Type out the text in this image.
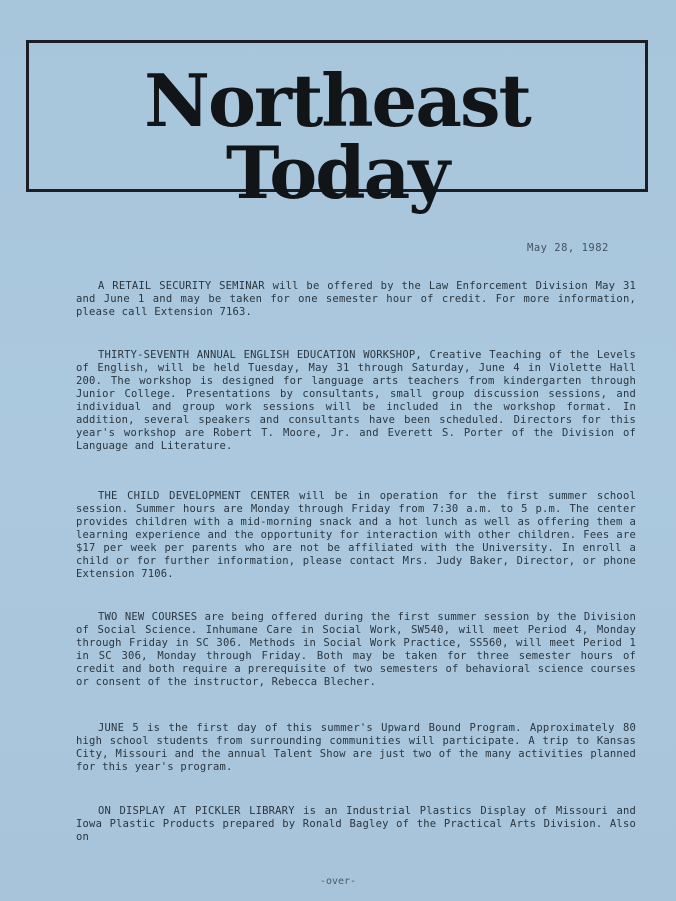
Northeast Today
May 28, 1982
A RETAIL SECURITY SEMINAR will be offered by the Law Enforcement Division May 31 and June 1 and may be taken for one semester hour of credit. For more information, please call Extension 7163.
THIRTY-SEVENTH ANNUAL ENGLISH EDUCATION WORKSHOP, Creative Teaching of the Levels of English, will be held Tuesday, May 31 through Saturday, June 4 in Violette Hall 200. The workshop is designed for language arts teachers from kindergarten through Junior College. Presentations by consultants, small group discussion sessions, and individual and group work sessions will be included in the workshop format. In addition, several speakers and consultants have been scheduled. Directors for this year's workshop are Robert T. Moore, Jr. and Everett S. Porter of the Division of Language and Literature.
THE CHILD DEVELOPMENT CENTER will be in operation for the first summer school session. Summer hours are Monday through Friday from 7:30 a.m. to 5 p.m. The center provides children with a mid-morning snack and a hot lunch as well as offering them a learning experience and the opportunity for interaction with other children. Fees are $17 per week per parents who are not be affiliated with the University. In enroll a child or for further information, please contact Mrs. Judy Baker, Director, or phone Extension 7106.
TWO NEW COURSES are being offered during the first summer session by the Division of Social Science. Inhumane Care in Social Work, SW540, will meet Period 4, Monday through Friday in SC 306. Methods in Social Work Practice, SS560, will meet Period 1 in SC 306, Monday through Friday. Both may be taken for three semester hours of credit and both require a prerequisite of two semesters of behavioral science courses or consent of the instructor, Rebecca Blecher.
JUNE 5 is the first day of this summer's Upward Bound Program. Approximately 80 high school students from surrounding communities will participate. A trip to Kansas City, Missouri and the annual Talent Show are just two of the many activities planned for this year's program.
ON DISPLAY AT PICKLER LIBRARY is an Industrial Plastics Display of Missouri and Iowa Plastic Products prepared by Ronald Bagley of the Practical Arts Division. Also on
-over-
